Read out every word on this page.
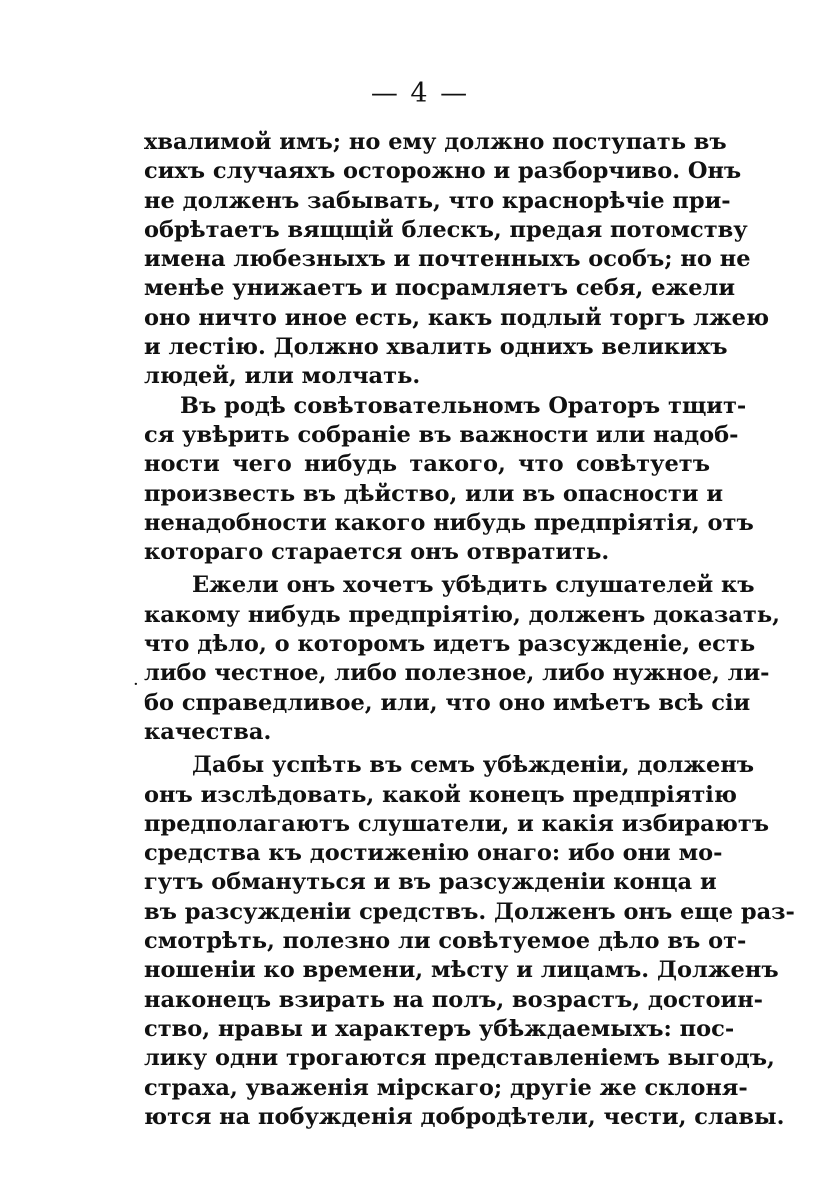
— 4 —
·
хвалимой имъ; но ему должно поступать въ
сихъ случаяхъ осторожно и разборчиво. Онъ
не долженъ забывать, что краснорѣчіе при-
обрѣтаетъ вящщій блескъ, предая потомству
имена любезныхъ и почтенныхъ особъ; но не
менѣе унижаетъ и посрамляетъ себя, ежели
оно ничто иное есть, какъ подлый торгъ лжею
и лестію. Должно хвалить однихъ великихъ
людей, или молчать.
Въ родѣ совѣтовательномъ Ораторъ тщит-
ся увѣрить собраніе въ важности или надоб-
ности чего нибудь такого, что совѣтуетъ
произвесть въ дѣйство, или въ опасности и
ненадобности какого нибудь предпріятія, отъ
котораго старается онъ отвратить.
Ежели онъ хочетъ убѣдить слушателей къ
какому нибудь предпріятію, долженъ доказать,
что дѣло, о которомъ идетъ разсужденіе, есть
либо честное, либо полезное, либо нужное, ли-
бо справедливое, или, что оно имѣетъ всѣ сіи
качества.
Дабы успѣть въ семъ убѣжденіи, долженъ
онъ изслѣдовать, какой конецъ предпріятію
предполагаютъ слушатели, и какія избираютъ
средства къ достиженію онаго: ибо они мо-
гутъ обмануться и въ разсужденіи конца и
въ разсужденіи средствъ. Долженъ онъ еще раз-
смотрѣть, полезно ли совѣтуемое дѣло въ от-
ношеніи ко времени, мѣсту и лицамъ. Долженъ
наконецъ взирать на полъ, возрастъ, достоин-
ство, нравы и характеръ убѣждаемыхъ: пос-
лику одни трогаются представленіемъ выгодъ,
страха, уваженія мірскаго; другіе же склоня-
ются на побужденія добродѣтели, чести, славы.
